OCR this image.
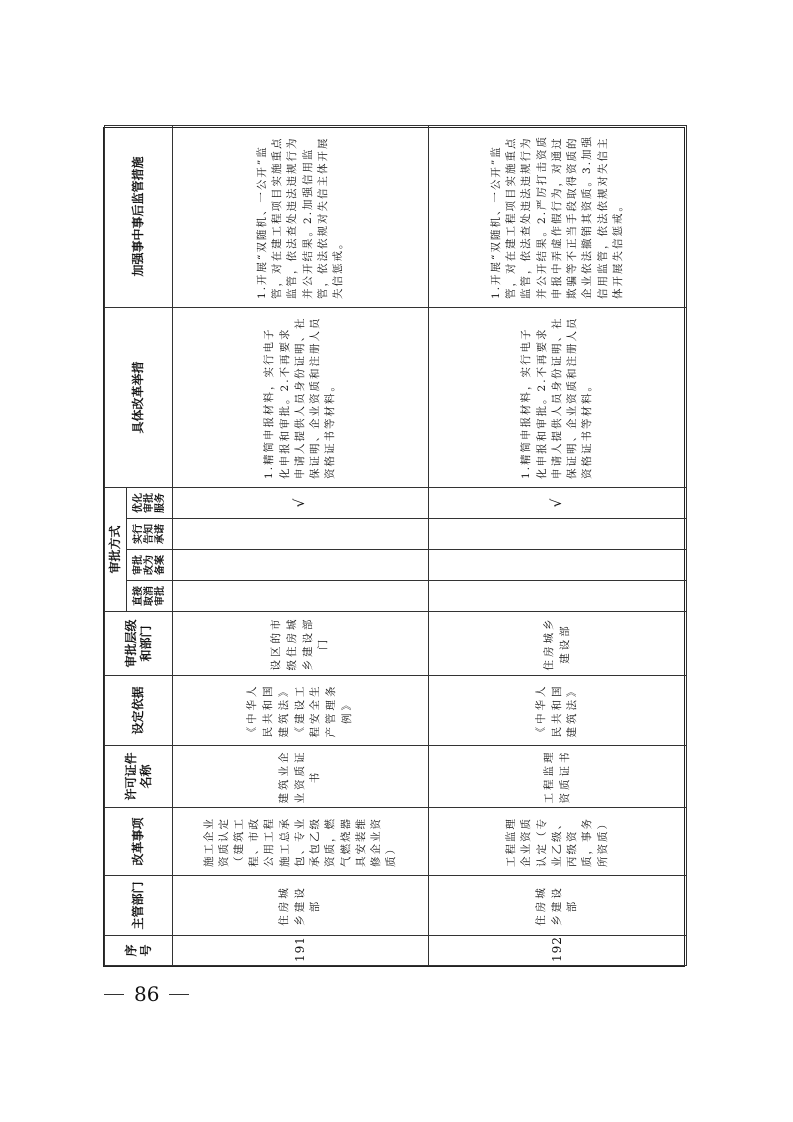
序号	主管部门	改革事项	许可证件名称	设定依据	审批层级和部门	审批方式				具体改革举措	加强事中事后监管措施
						直接取消审批	审批改为备案	实行告知承诺	优化审批服务		
191	住房城乡建设部	施工企业资质认定（建筑工程、市政公用工程施工总承包、专业承包乙级资质，燃气燃烧器具安装维修企业资质）	建筑业企业资质证书	《中华人民共和国建筑法》《建设工程安全生产管理条例》	设区的市级住房城乡建设部门				√	1.精简申报材料，实行电子化申报和审批。2.不再要求申请人提供人员身份证明、社保证明、企业资质和注册人员资格证书等材料。	1.开展“双随机、一公开”监管，对在建工程项目实施重点监管，依法查处违法违规行为并公开结果。2.加强信用监管，依法依规对失信主体开展失信惩戒。
192	住房城乡建设部	工程监理企业资质认定（专业乙级、丙级资质，事务所资质）	工程监理资质证书	《中华人民共和国建筑法》	住房城乡建设部				√	1.精简申报材料，实行电子化申报和审批。2.不再要求申请人提供人员身份证明、社保证明、企业资质和注册人员资格证书等材料。	1.开展“双随机、一公开”监管，对在建工程项目实施重点监管，依法查处违法违规行为并公开结果。2.严厉打击资质申报中弄虚作假行为，对通过欺骗等不正当手段取得资质的企业依法撤销其资质。3.加强信用监管，依法依规对失信主体开展失信惩戒。
86
